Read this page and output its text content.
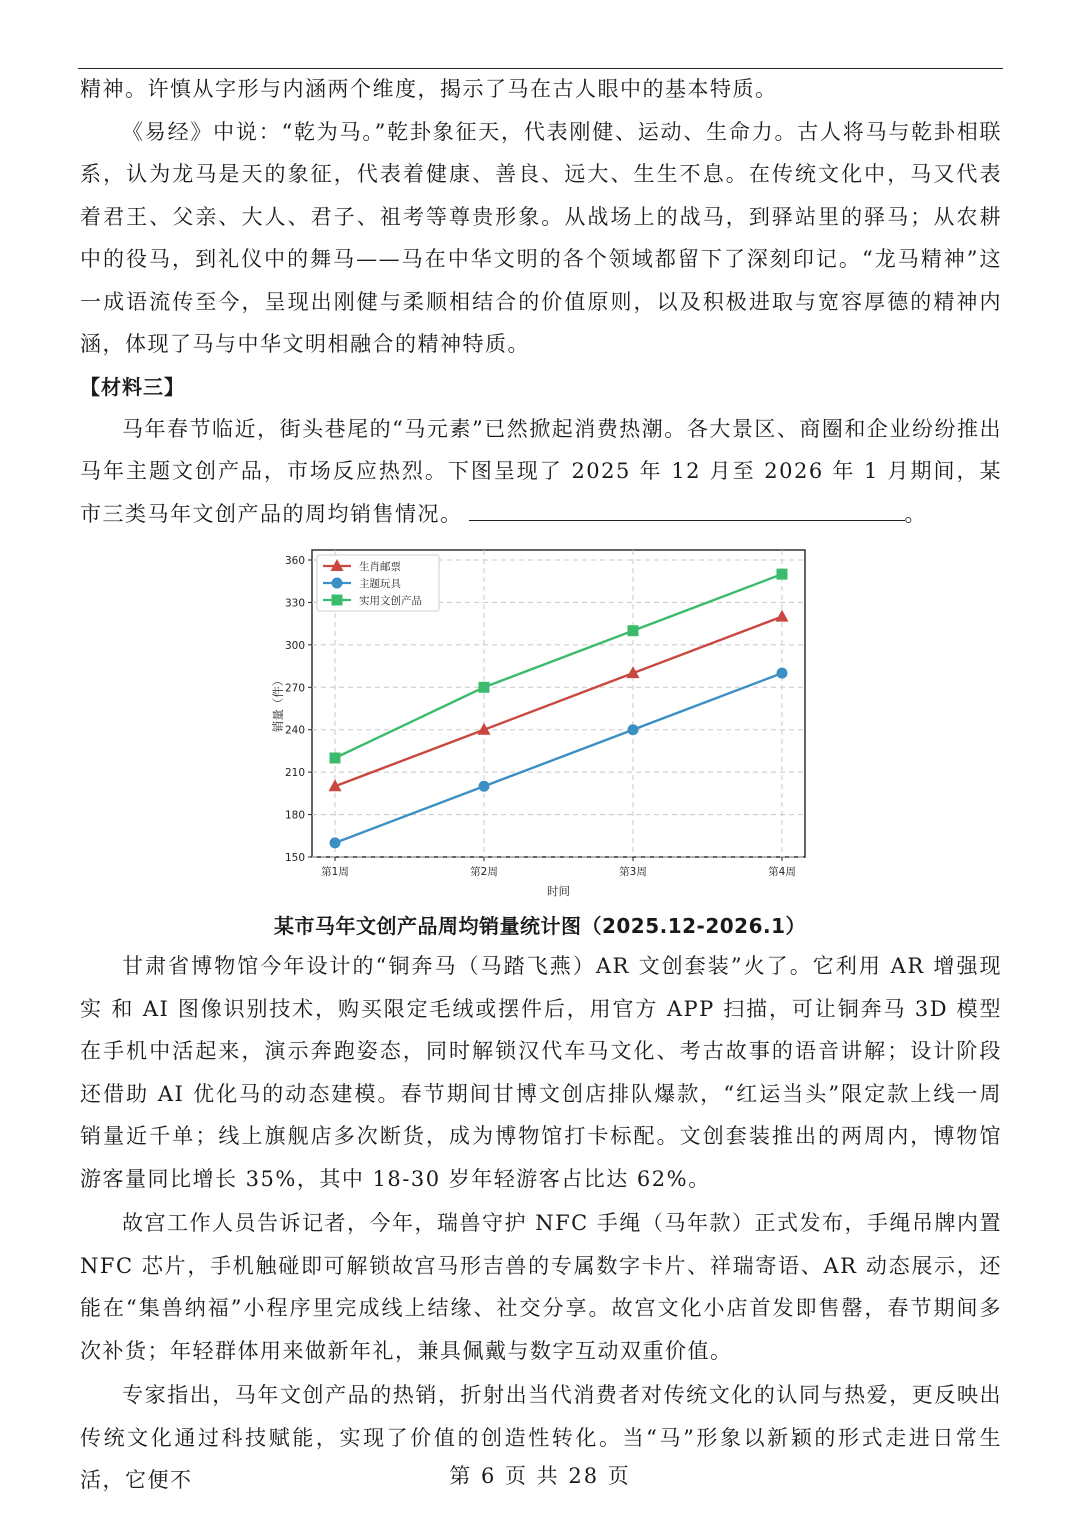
精神。许慎从字形与内涵两个维度，揭示了马在古人眼中的基本特质。

《易经》中说：“乾为马。”乾卦象征天，代表刚健、运动、生命力。古人将马与乾卦相联系，认为龙马是天的象征，代表着健康、善良、远大、生生不息。在传统文化中，马又代表着君王、父亲、大人、君子、祖考等尊贵形象。从战场上的战马，到驿站里的驿马；从农耕中的役马，到礼仪中的舞马——马在中华文明的各个领域都留下了深刻印记。“龙马精神”这一成语流传至今，呈现出刚健与柔顺相结合的价值原则，以及积极进取与宽容厚德的精神内涵，体现了马与中华文明相融合的精神特质。

【材料三】

马年春节临近，街头巷尾的“马元素”已然掀起消费热潮。各大景区、商圈和企业纷纷推出马年主题文创产品，市场反应热烈。下图呈现了 2025 年 12 月至 2026 年 1 月期间，某市三类马年文创产品的周均销售情况。	。

150
180
210
240
270
300
330
360
第1周	第2周	第3周	第4周
时间
销量（件）
生肖邮票
主题玩具
实用文创产品
某市马年文创产品周均销量统计图（2025.12-2026.1）

甘肃省博物馆今年设计的“铜奔马（马踏飞燕）AR 文创套装”火了。它利用 AR 增强现实 和 AI 图像识别技术，购买限定毛绒或摆件后，用官方 APP 扫描，可让铜奔马 3D 模型在手机中活起来，演示奔跑姿态，同时解锁汉代车马文化、考古故事的语音讲解；设计阶段还借助 AI 优化马的动态建模。春节期间甘博文创店排队爆款，“红运当头”限定款上线一周销量近千单；线上旗舰店多次断货，成为博物馆打卡标配。文创套装推出的两周内，博物馆游客量同比增长 35%，其中 18-30 岁年轻游客占比达 62%。

故宫工作人员告诉记者，今年，瑞兽守护 NFC 手绳（马年款）正式发布，手绳吊牌内置 NFC 芯片，手机触碰即可解锁故宫马形吉兽的专属数字卡片、祥瑞寄语、AR 动态展示，还能在“集兽纳福”小程序里完成线上结缘、社交分享。故宫文化小店首发即售罄，春节期间多次补货；年轻群体用来做新年礼，兼具佩戴与数字互动双重价值。

专家指出，马年文创产品的热销，折射出当代消费者对传统文化的认同与热爱，更反映出传统文化通过科技赋能，实现了价值的创造性转化。当“马”形象以新颖的形式走进日常生活，它便不	第 6 页 共 28 页
